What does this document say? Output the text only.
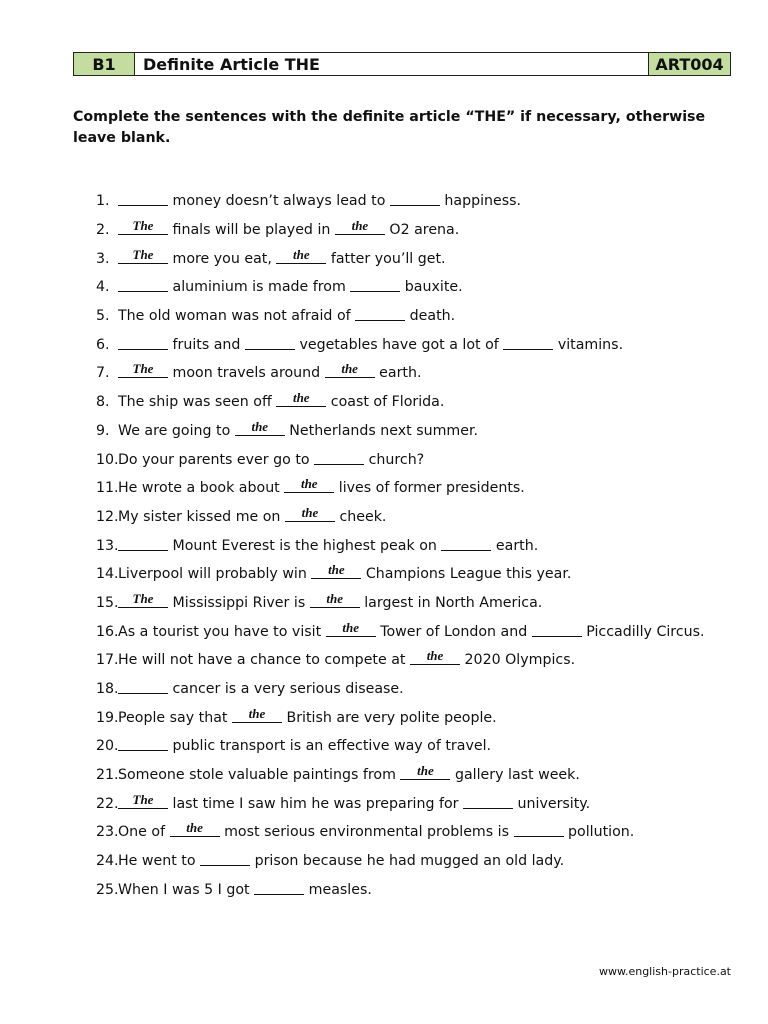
B1	Definite Article THE	ART004

Complete the sentences with the definite article “THE” if necessary, otherwise leave blank.

1.	money doesn’t always lead to	happiness.
2.	The	finals will be played in	the	O2 arena.
3.	The	more you eat,	the	fatter you’ll get.
4.	aluminium is made from	bauxite.
5. The old woman was not afraid of	death.
6.	fruits and	vegetables have got a lot of	vitamins.
7.	The	moon travels around	the	earth.
8. The ship was seen off	the	coast of Florida.
9. We are going to	the	Netherlands next summer.
10. Do your parents ever go to	church?
11. He wrote a book about	the	lives of former presidents.
12. My sister kissed me on	the	cheek.
13.	Mount Everest is the highest peak on	earth.
14. Liverpool will probably win	the	Champions League this year.
15.	The	Mississippi River is	the	largest in North America.
16. As a tourist you have to visit	the	Tower of London and	Piccadilly Circus.
17. He will not have a chance to compete at	the	2020 Olympics.
18.	cancer is a very serious disease.
19. People say that	the	British are very polite people.
20.	public transport is an effective way of travel.
21. Someone stole valuable paintings from	the	gallery last week.
22.	The	last time I saw him he was preparing for	university.
23. One of	the	most serious environmental problems is	pollution.
24. He went to	prison because he had mugged an old lady.
25. When I was 5 I got	measles.
www.english-practice.at
